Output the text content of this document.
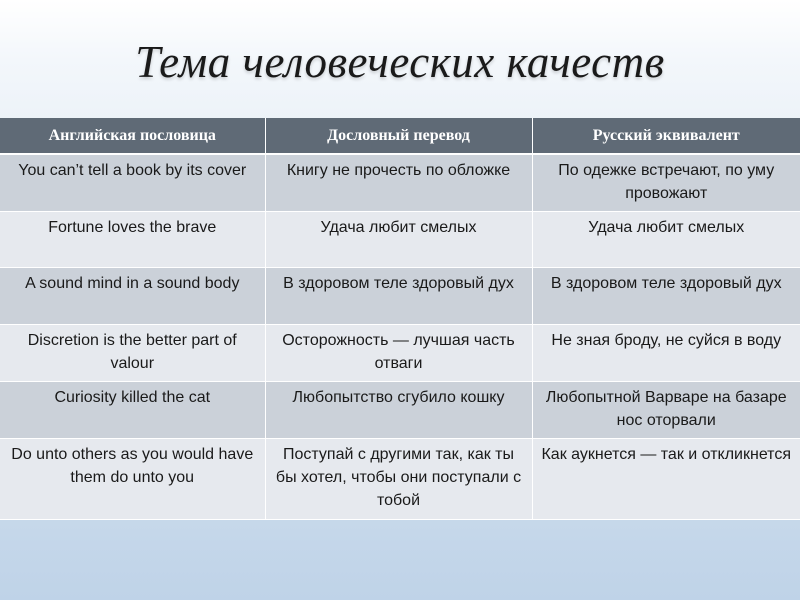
Тема человеческих качеств
Английская пословица	Дословный перевод	Русский эквивалент
You can’t tell a book by its cover	Книгу не прочесть по обложке	По одежке встречают, по уму провожают
Fortune loves the brave	Удача любит смелых	Удача любит смелых
A sound mind in a sound body	В здоровом теле здоровый дух	В здоровом теле здоровый дух
Discretion is the better part of valour	Осторожность — лучшая часть отваги	Не зная броду, не суйся в воду
Curiosity killed the cat	Любопытство сгубило кошку	Любопытной Варваре на базаре нос оторвали
Do unto others as you would have them do unto you	Поступай с другими так, как ты бы хотел, чтобы они поступали с тобой	Как аукнется — так и откликнется
